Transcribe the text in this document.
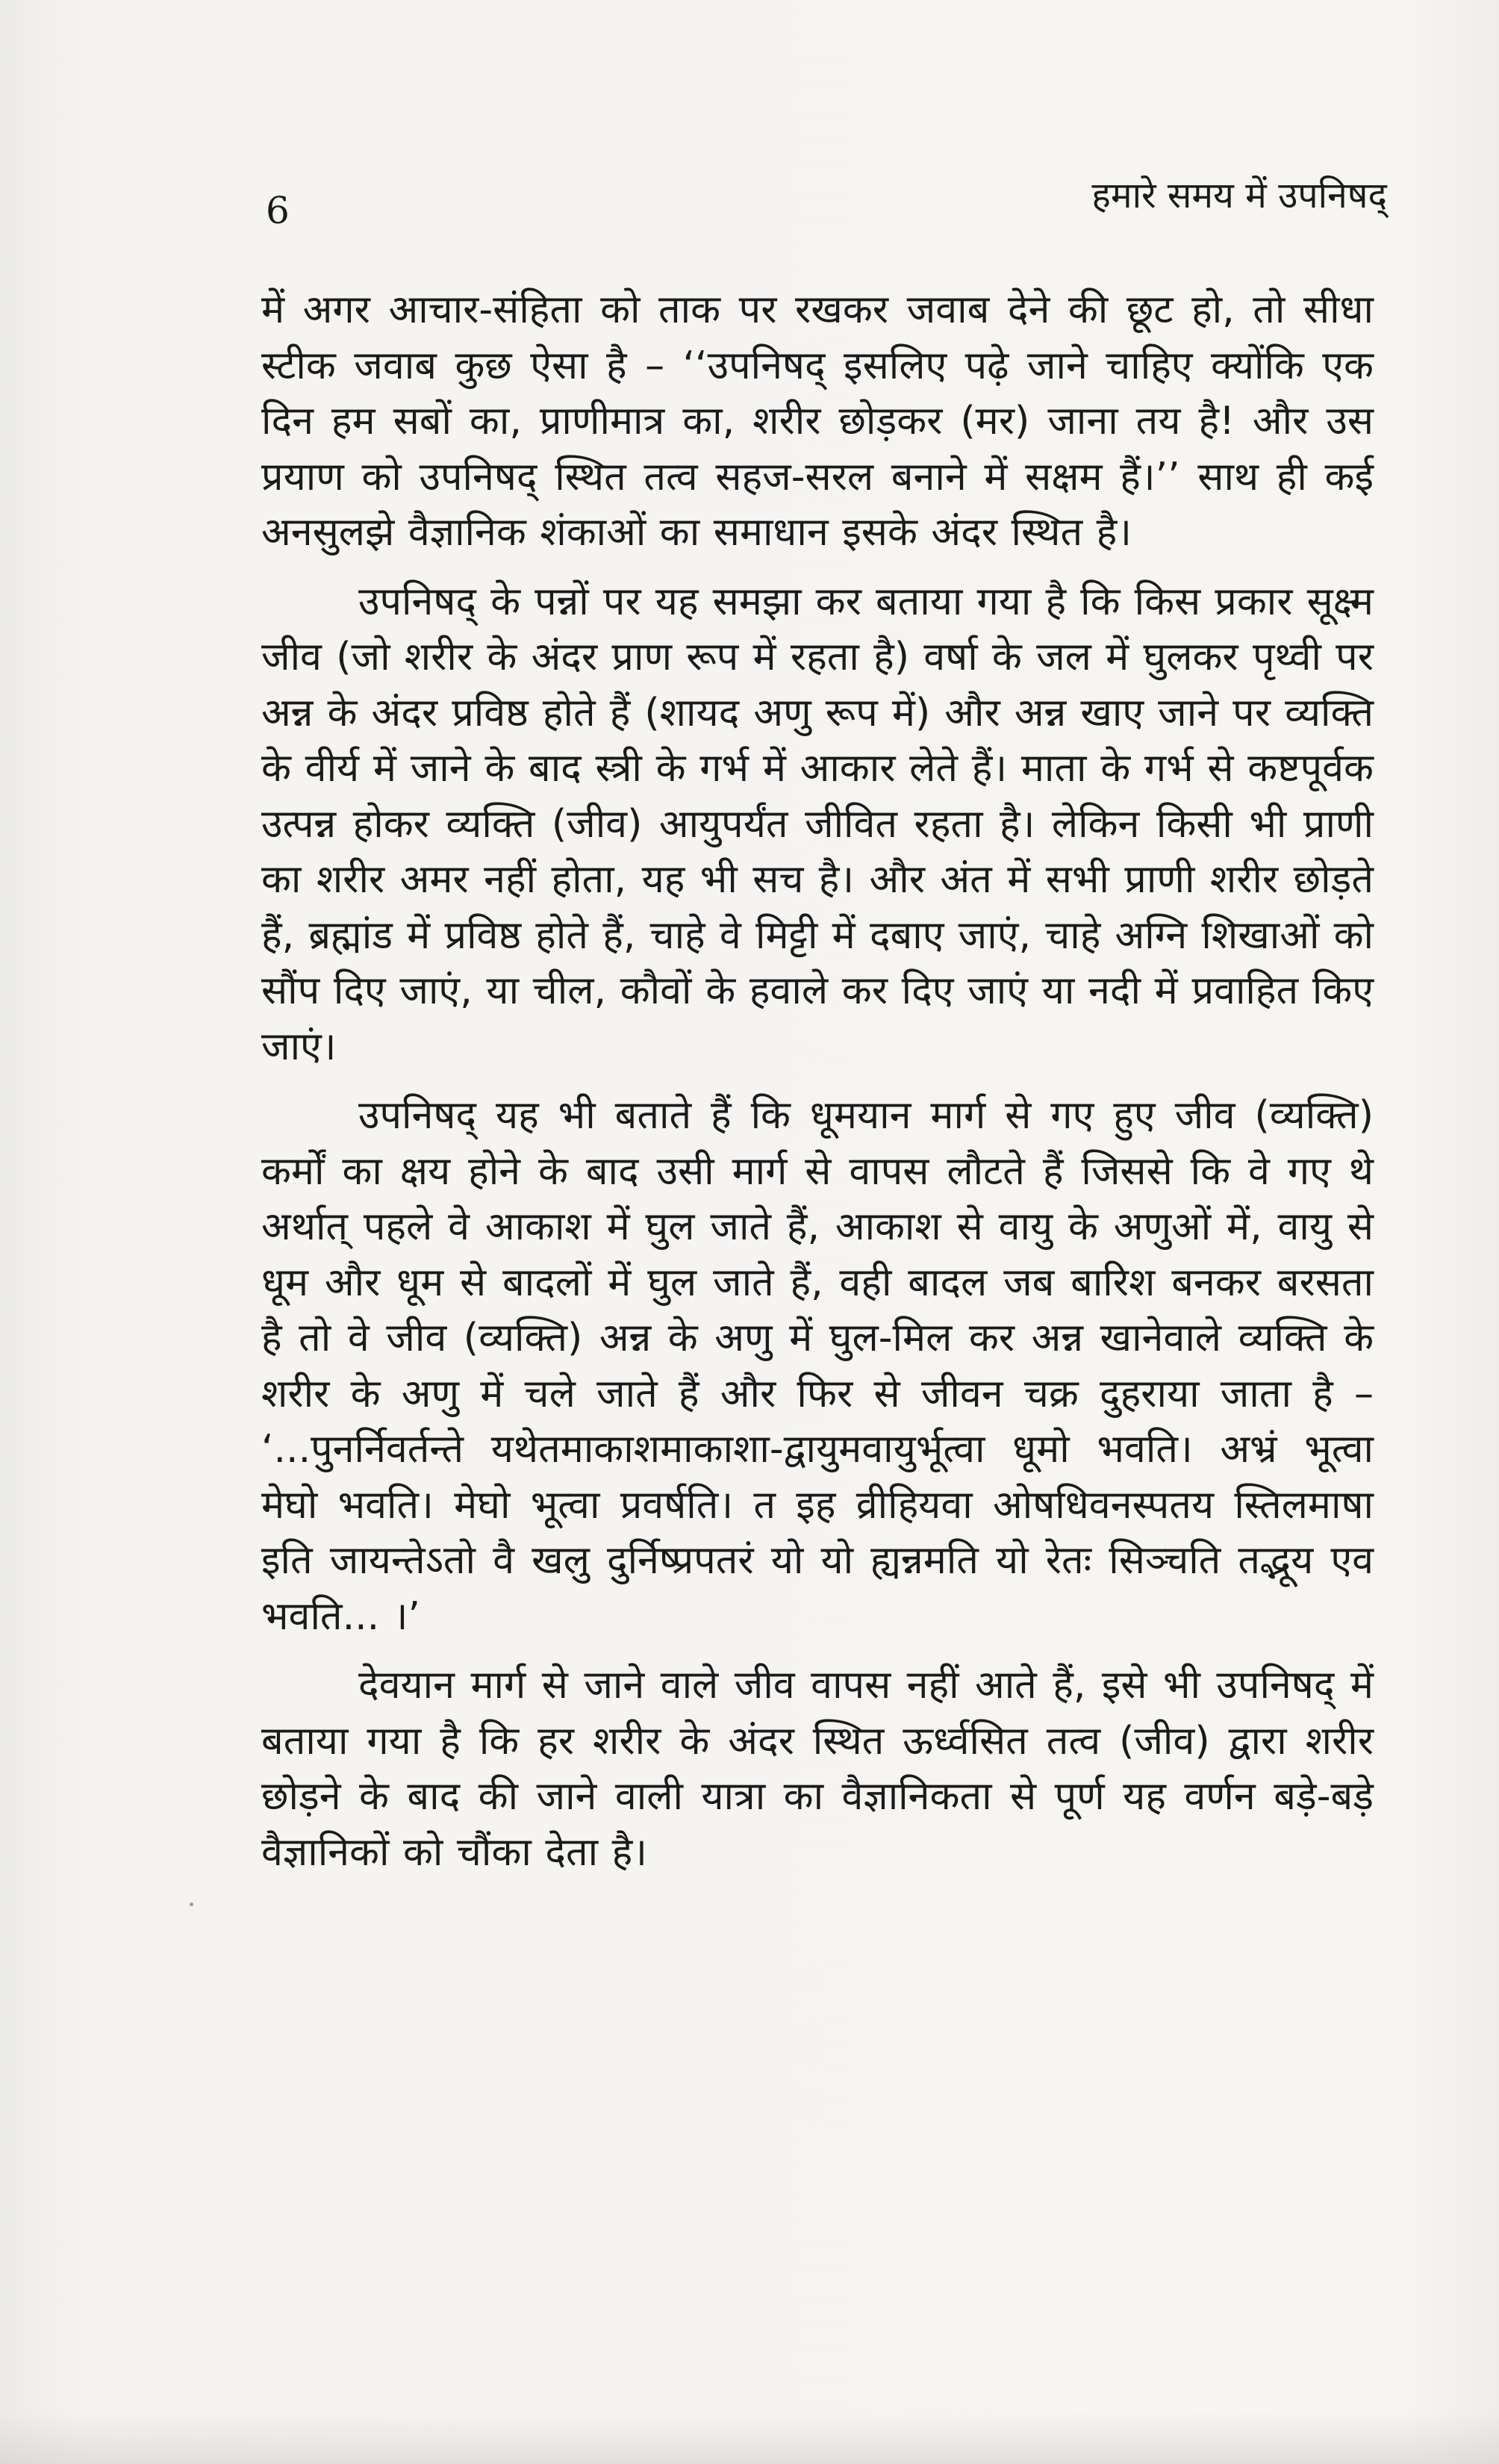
6	हमारे समय में उपनिषद्

में अगर आचार-संहिता को ताक पर रखकर जवाब देने की छूट हो, तो सीधा स्टीक जवाब कुछ ऐसा है – ‘‘उपनिषद् इसलिए पढ़े जाने चाहिए क्योंकि एक दिन हम सबों का, प्राणीमात्र का, शरीर छोड़कर (मर) जाना तय है! और उस प्रयाण को उपनिषद् स्थित तत्व सहज-सरल बनाने में सक्षम हैं।’’ साथ ही कई अनसुलझे वैज्ञानिक शंकाओं का समाधान इसके अंदर स्थित है।

उपनिषद् के पन्नों पर यह समझा कर बताया गया है कि किस प्रकार सूक्ष्म जीव (जो शरीर के अंदर प्राण रूप में रहता है) वर्षा के जल में घुलकर पृथ्वी पर अन्न के अंदर प्रविष्ठ होते हैं (शायद अणु रूप में) और अन्न खाए जाने पर व्यक्ति के वीर्य में जाने के बाद स्त्री के गर्भ में आकार लेते हैं। माता के गर्भ से कष्टपूर्वक उत्पन्न होकर व्यक्ति (जीव) आयुपर्यंत जीवित रहता है। लेकिन किसी भी प्राणी का शरीर अमर नहीं होता, यह भी सच है। और अंत में सभी प्राणी शरीर छोड़ते हैं, ब्रह्मांड में प्रविष्ठ होते हैं, चाहे वे मिट्टी में दबाए जाएं, चाहे अग्नि शिखाओं को सौंप दिए जाएं, या चील, कौवों के हवाले कर दिए जाएं या नदी में प्रवाहित किए जाएं।

उपनिषद् यह भी बताते हैं कि धूमयान मार्ग से गए हुए जीव (व्यक्ति) कर्मों का क्षय होने के बाद उसी मार्ग से वापस लौटते हैं जिससे कि वे गए थे अर्थात् पहले वे आकाश में घुल जाते हैं, आकाश से वायु के अणुओं में, वायु से धूम और धूम से बादलों में घुल जाते हैं, वही बादल जब बारिश बनकर बरसता है तो वे जीव (व्यक्ति) अन्न के अणु में घुल-मिल कर अन्न खानेवाले व्यक्ति के शरीर के अणु में चले जाते हैं और फिर से जीवन चक्र दुहराया जाता है – ‘...पुनर्निवर्तन्ते यथेतमाकाशमाकाशा-द्वायुमवायुर्भूत्वा धूमो भवति। अभ्रं भूत्वा मेघो भवति। मेघो भूत्वा प्रवर्षति। त इह व्रीहियवा ओषधिवनस्पतय स्तिलमाषा इति जायन्तेऽतो वै खलु दुर्निष्प्रपतरं यो यो ह्यन्नमति यो रेतः सिञ्चति तद्भूय एव भवति... ।’

देवयान मार्ग से जाने वाले जीव वापस नहीं आते हैं, इसे भी उपनिषद् में बताया गया है कि हर शरीर के अंदर स्थित ऊर्ध्वसित तत्व (जीव) द्वारा शरीर छोड़ने के बाद की जाने वाली यात्रा का वैज्ञानिकता से पूर्ण यह वर्णन बड़े-बड़े वैज्ञानिकों को चौंका देता है।
